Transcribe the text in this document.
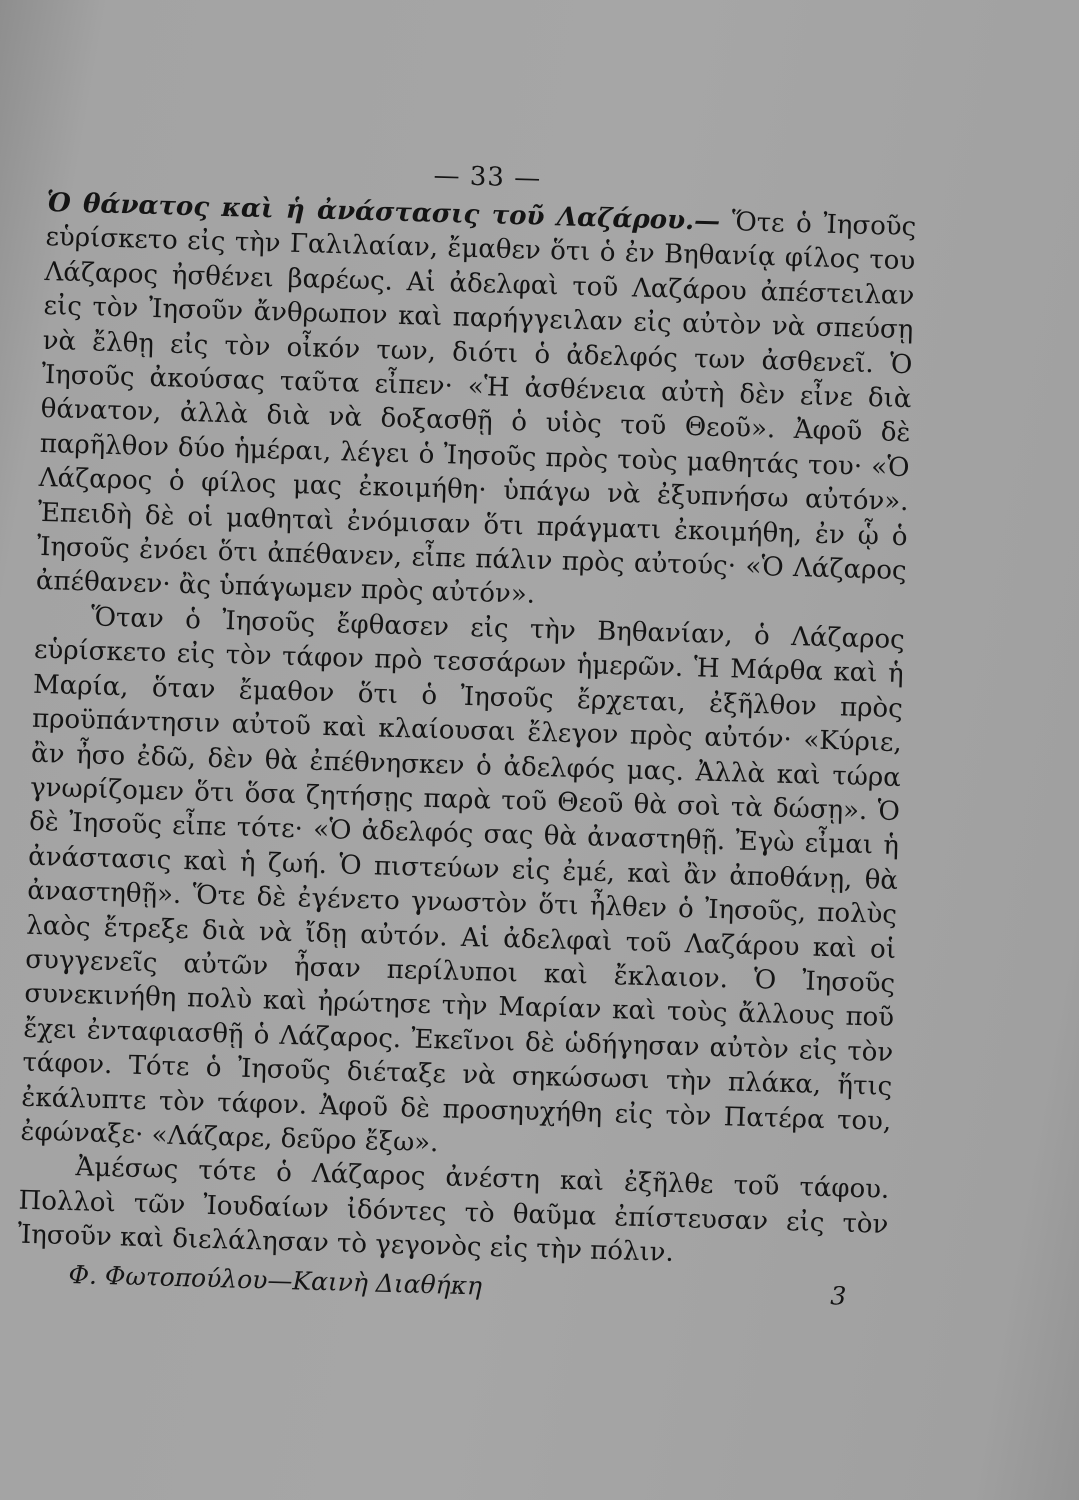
— 33 —

Ὁ θάνατος καὶ ἡ ἀνάστασις τοῦ Λαζάρου.— Ὅτε ὁ Ἰησοῦς εὑρίσκετο εἰς τὴν Γαλιλαίαν, ἔμαθεν ὅτι ὁ ἐν Βηθανίᾳ φίλος του Λάζαρος ἠσθένει βαρέως. Αἱ ἀδελφαὶ τοῦ Λαζάρου ἀπέστειλαν εἰς τὸν Ἰησοῦν ἄνθρωπον καὶ παρήγγειλαν εἰς αὐτὸν νὰ σπεύσῃ νὰ ἔλθῃ εἰς τὸν οἶκόν των, διότι ὁ ἀδελφός των ἀσθενεῖ. Ὁ Ἰησοῦς ἀκούσας ταῦτα εἶπεν· «Ἡ ἀσθένεια αὐτὴ δὲν εἶνε διὰ θάνατον, ἀλλὰ διὰ νὰ δοξασθῇ ὁ υἱὸς τοῦ Θεοῦ». Ἀφοῦ δὲ παρῆλθον δύο ἡμέραι, λέγει ὁ Ἰησοῦς πρὸς τοὺς μαθητάς του· «Ὁ Λάζαρος ὁ φίλος μας ἐκοιμήθη· ὑπάγω νὰ ἐξυπνήσω αὐτόν». Ἐπειδὴ δὲ οἱ μαθηταὶ ἐνόμισαν ὅτι πράγματι ἐκοιμήθη, ἐν ᾧ ὁ Ἰησοῦς ἐνόει ὅτι ἀπέθανεν, εἶπε πάλιν πρὸς αὐτούς· «Ὁ Λάζαρος ἀπέθανεν· ἂς ὑπάγωμεν πρὸς αὐτόν».

Ὅταν ὁ Ἰησοῦς ἔφθασεν εἰς τὴν Βηθανίαν, ὁ Λάζαρος εὑρίσκετο εἰς τὸν τάφον πρὸ τεσσάρων ἡμερῶν. Ἡ Μάρθα καὶ ἡ Μαρία, ὅταν ἔμαθον ὅτι ὁ Ἰησοῦς ἔρχεται, ἐξῆλθον πρὸς προϋπάντησιν αὐτοῦ καὶ κλαίουσαι ἔλεγον πρὸς αὐτόν· «Κύριε, ἂν ἦσο ἐδῶ, δὲν θὰ ἐπέθνησκεν ὁ ἀδελφός μας. Ἀλλὰ καὶ τώρα γνωρίζομεν ὅτι ὅσα ζητήσῃς παρὰ τοῦ Θεοῦ θὰ σοὶ τὰ δώσῃ». Ὁ δὲ Ἰησοῦς εἶπε τότε· «Ὁ ἀδελφός σας θὰ ἀναστηθῇ. Ἐγὼ εἶμαι ἡ ἀνάστασις καὶ ἡ ζωή. Ὁ πιστεύων εἰς ἐμέ, καὶ ἂν ἀποθάνῃ, θὰ ἀναστηθῇ». Ὅτε δὲ ἐγένετο γνωστὸν ὅτι ἦλθεν ὁ Ἰησοῦς, πολὺς λαὸς ἔτρεξε διὰ νὰ ἴδῃ αὐτόν. Αἱ ἀδελφαὶ τοῦ Λαζάρου καὶ οἱ συγγενεῖς αὐτῶν ἦσαν περίλυποι καὶ ἔκλαιον. Ὁ Ἰησοῦς συνεκινήθη πολὺ καὶ ἠρώτησε τὴν Μαρίαν καὶ τοὺς ἄλλους ποῦ ἔχει ἐνταφιασθῇ ὁ Λάζαρος. Ἐκεῖνοι δὲ ὡδήγησαν αὐτὸν εἰς τὸν τάφον. Τότε ὁ Ἰησοῦς διέταξε νὰ σηκώσωσι τὴν πλάκα, ἥτις ἐκάλυπτε τὸν τάφον. Ἀφοῦ δὲ προσηυχήθη εἰς τὸν Πατέρα του, ἐφώναξε· «Λάζαρε, δεῦρο ἔξω».

Ἀμέσως τότε ὁ Λάζαρος ἀνέστη καὶ ἐξῆλθε τοῦ τάφου. Πολλοὶ τῶν Ἰουδαίων ἰδόντες τὸ θαῦμα ἐπίστευσαν εἰς τὸν Ἰησοῦν καὶ διελάλησαν τὸ γεγονὸς εἰς τὴν πόλιν.

Φ. Φωτοπούλου—Καινὴ Διαθήκη	3
